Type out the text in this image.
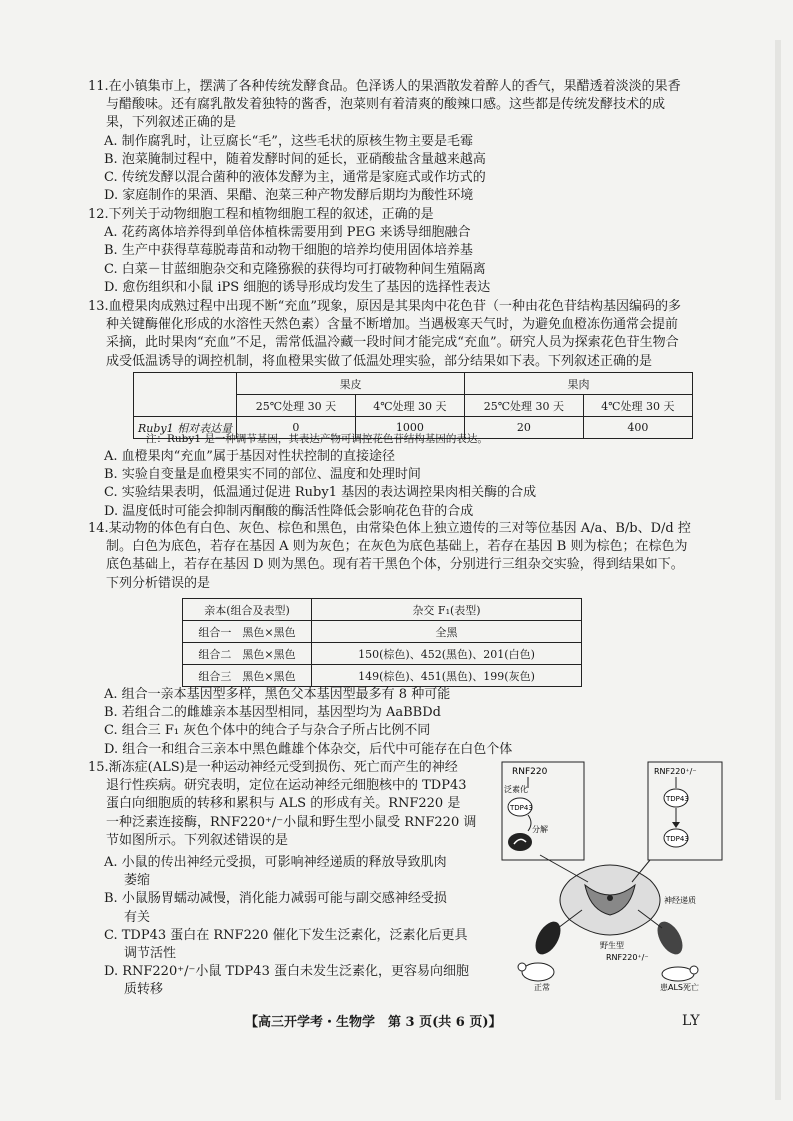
11.在小镇集市上，摆满了各种传统发酵食品。色泽诱人的果酒散发着醉人的香气，果醋透着淡淡的果香
与醋酸味。还有腐乳散发着独特的酱香，泡菜则有着清爽的酸辣口感。这些都是传统发酵技术的成
果，下列叙述正确的是
A. 制作腐乳时，让豆腐长“毛”，这些毛状的原核生物主要是毛霉
B. 泡菜腌制过程中，随着发酵时间的延长，亚硝酸盐含量越来越高
C. 传统发酵以混合菌种的液体发酵为主，通常是家庭式或作坊式的
D. 家庭制作的果酒、果醋、泡菜三种产物发酵后期均为酸性环境
12.下列关于动物细胞工程和植物细胞工程的叙述，正确的是
A. 花药离体培养得到单倍体植株需要用到 PEG 来诱导细胞融合
B. 生产中获得草莓脱毒苗和动物干细胞的培养均使用固体培养基
C. 白菜－甘蓝细胞杂交和克隆猕猴的获得均可打破物种间生殖隔离
D. 愈伤组织和小鼠 iPS 细胞的诱导形成均发生了基因的选择性表达
13.血橙果肉成熟过程中出现不断“充血”现象，原因是其果肉中花色苷（一种由花色苷结构基因编码的多
种关键酶催化形成的水溶性天然色素）含量不断增加。当遇极寒天气时，为避免血橙冻伤通常会提前
采摘，此时果肉“充血”不足，需常低温冷藏一段时间才能完成“充血”。研究人员为探索花色苷生物合
成受低温诱导的调控机制，将血橙果实做了低温处理实验，部分结果如下表。下列叙述正确的是
	果皮		果肉	
	25℃处理 30 天	4℃处理 30 天	25℃处理 30 天	4℃处理 30 天
Ruby1 相对表达量	0	1000	20	400
注：Ruby1 是一种调节基因，其表达产物可调控花色苷结构基因的表达。
A. 血橙果肉“充血”属于基因对性状控制的直接途径
B. 实验自变量是血橙果实不同的部位、温度和处理时间
C. 实验结果表明，低温通过促进 Ruby1 基因的表达调控果肉相关酶的合成
D. 温度低时可能会抑制丙酮酸的酶活性降低会影响花色苷的合成
14.某动物的体色有白色、灰色、棕色和黑色，由常染色体上独立遗传的三对等位基因 A/a、B/b、D/d 控
制。白色为底色，若存在基因 A 则为灰色；在灰色为底色基础上，若存在基因 B 则为棕色；在棕色为
底色基础上，若存在基因 D 则为黑色。现有若干黑色个体，分别进行三组杂交实验，得到结果如下。
下列分析错误的是
亲本(组合及表型)	杂交 F₁(表型)
组合一　 黑色×黑色	全黑
组合二　 黑色×黑色	150(棕色)、452(黑色)、201(白色)
组合三　 黑色×黑色	149(棕色)、451(黑色)、199(灰色)
A. 组合一亲本基因型多样，黑色父本基因型最多有 8 种可能
B. 若组合二的雌雄亲本基因型相同，基因型均为 AaBBDd
C. 组合三 F₁ 灰色个体中的纯合子与杂合子所占比例不同
D. 组合一和组合三亲本中黑色雌雄个体杂交，后代中可能存在白色个体
15.渐冻症(ALS)是一种运动神经元受到损伤、死亡而产生的神经
退行性疾病。研究表明，定位在运动神经元细胞核中的 TDP43
蛋白向细胞质的转移和累积与 ALS 的形成有关。RNF220 是
一种泛素连接酶，RNF220⁺/⁻小鼠和野生型小鼠受 RNF220 调
节如图所示。下列叙述错误的是
A. 小鼠的传出神经元受损，可影响神经递质的释放导致肌肉
萎缩
B. 小鼠肠胃蠕动减慢，消化能力减弱可能与副交感神经受损
有关
C. TDP43 蛋白在 RNF220 催化下发生泛素化，泛素化后更具
调节活性
D. RNF220⁺/⁻小鼠 TDP43 蛋白未发生泛素化，更容易向细胞
质转移
RNF220
泛素化
TDP43
分解
RNF220⁺/⁻
TDP43
TDP43
神经递质
野生型
RNF220⁺/⁻
正常	患ALS死亡
【高三开学考・生物学　第 3 页(共 6 页)】	LY
